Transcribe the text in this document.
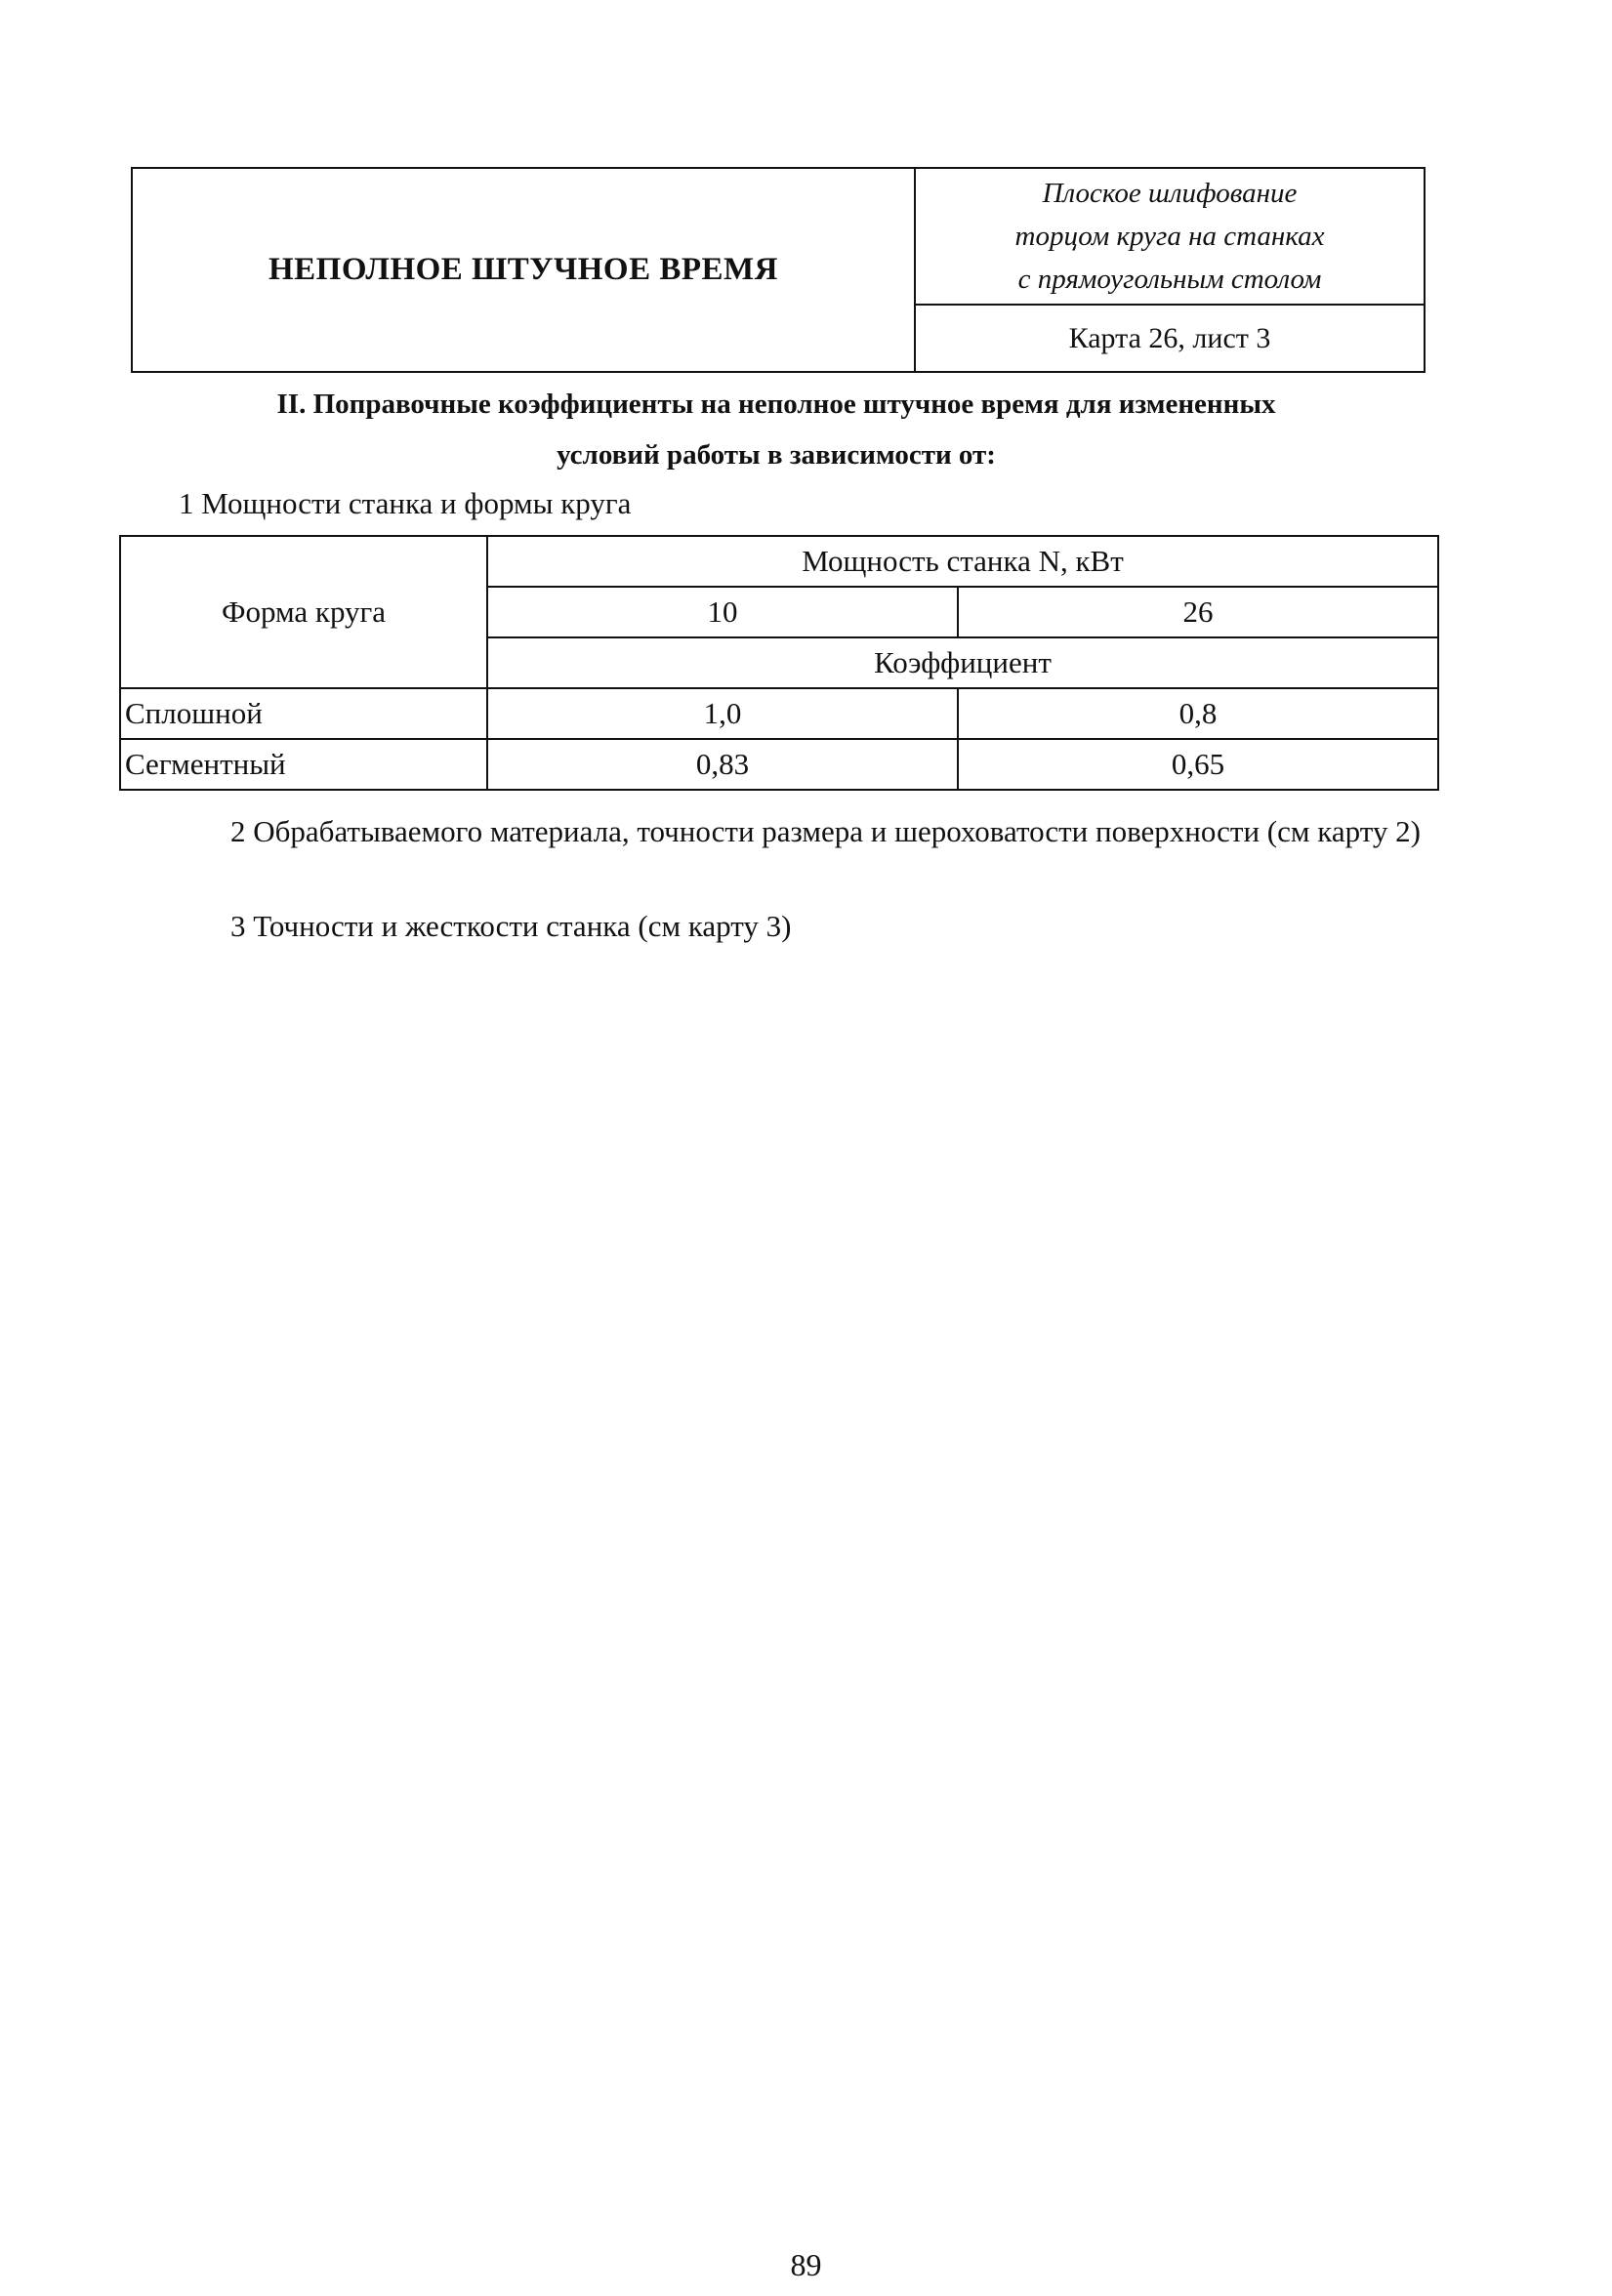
НЕПОЛНОЕ ШТУЧНОЕ ВРЕМЯ	
Плоское шлифование
торцом круга на станках
с прямоугольным столом

Карта 26, лист 3
II. Поправочные коэффициенты на неполное штучное время для измененных
условий работы в зависимости от:
1 Мощности станка и формы круга
Форма круга	Мощность станка N, кВт	
	10	26
	Коэффициент	
Сплошной	1,0	0,8
Сегментный	0,83	0,65
2 Обрабатываемого материала, точности размера и шероховатости поверхности (см карту 2)
3 Точности и жесткости станка (см карту 3)
89
